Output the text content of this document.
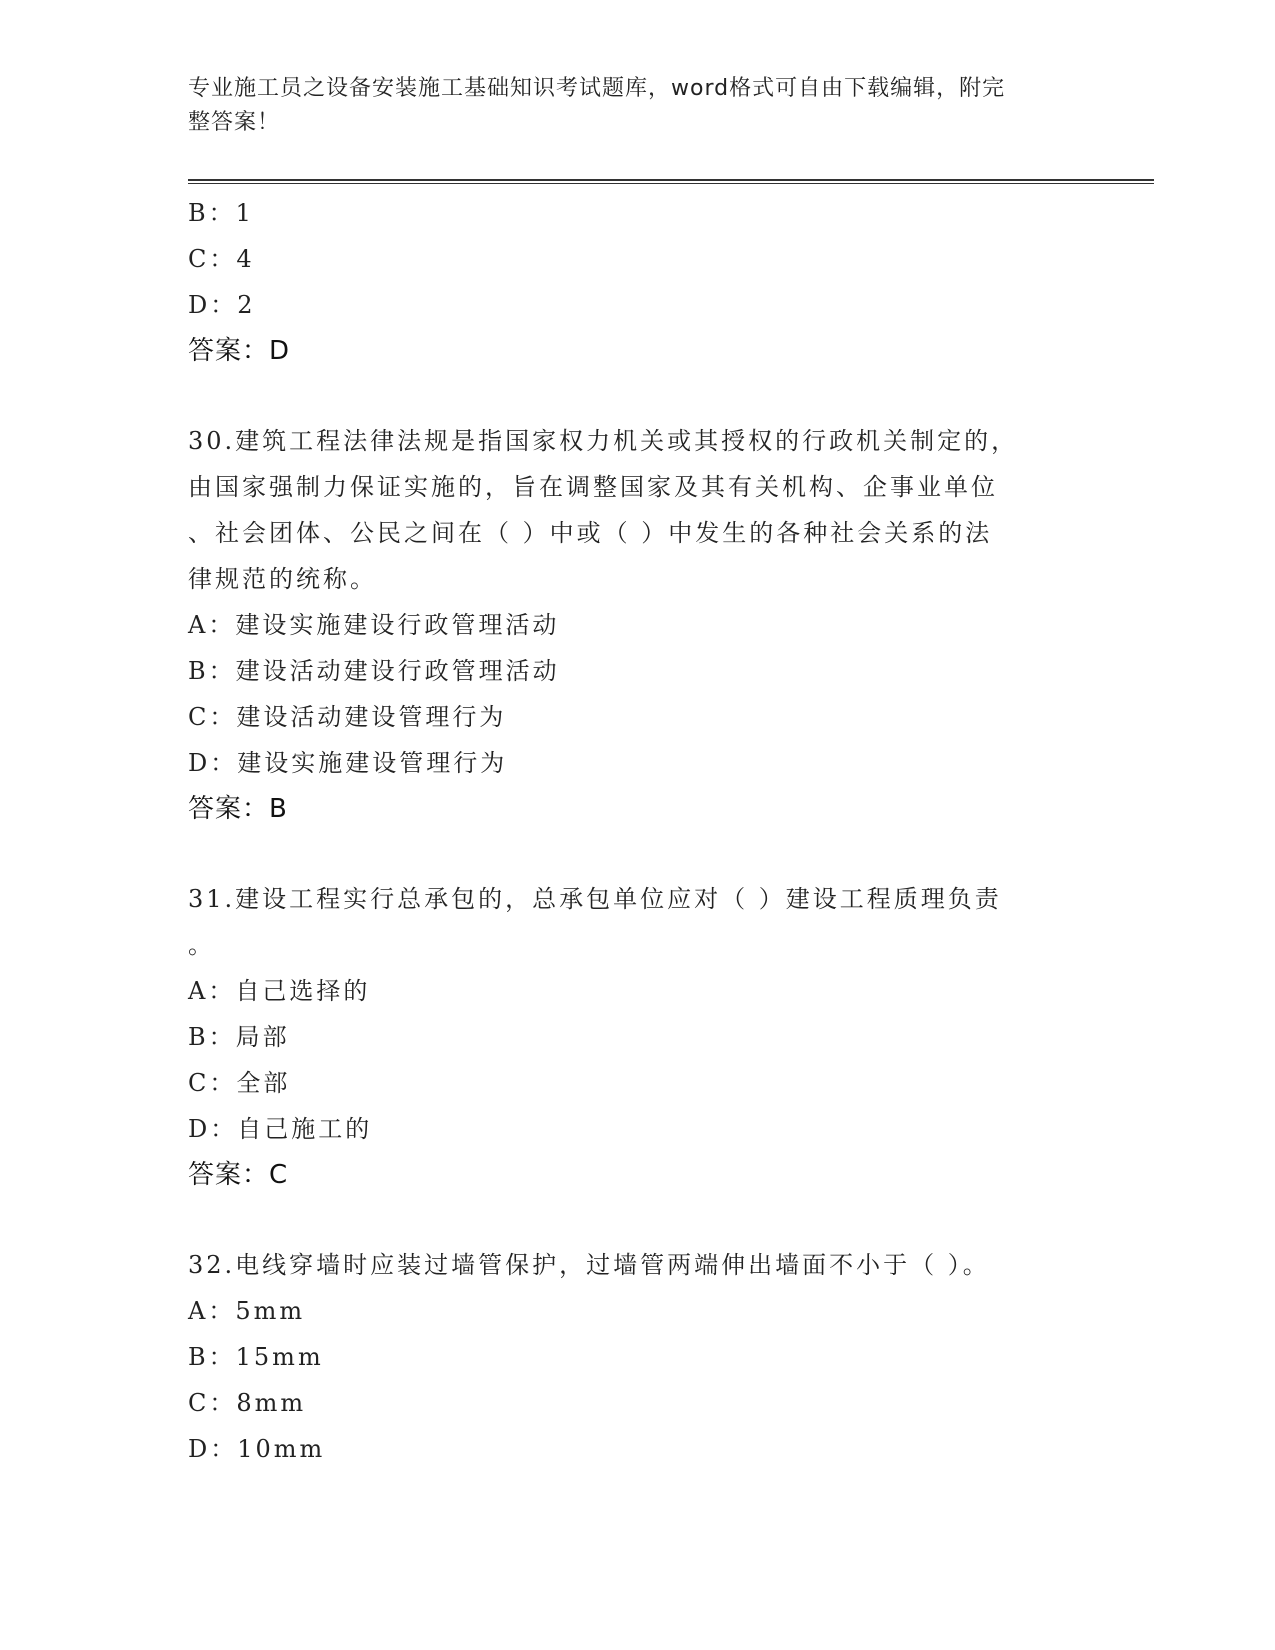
专业施工员之设备安装施工基础知识考试题库，word格式可自由下载编辑，附完
整答案！
B：1
C：4
D：2
答案：D
30.建筑工程法律法规是指国家权力机关或其授权的行政机关制定的，
由国家强制力保证实施的，旨在调整国家及其有关机构、企事业单位
、社会团体、公民之间在（ ）中或（ ）中发生的各种社会关系的法
律规范的统称。
A：建设实施建设行政管理活动
B：建设活动建设行政管理活动
C：建设活动建设管理行为
D：建设实施建设管理行为
答案：B
31.建设工程实行总承包的，总承包单位应对（ ）建设工程质理负责
。
A：自己选择的
B：局部
C：全部
D：自己施工的
答案：C
32.电线穿墙时应装过墙管保护，过墙管两端伸出墙面不小于（ ）。
A：5mm
B：15mm
C：8mm
D：10mm
